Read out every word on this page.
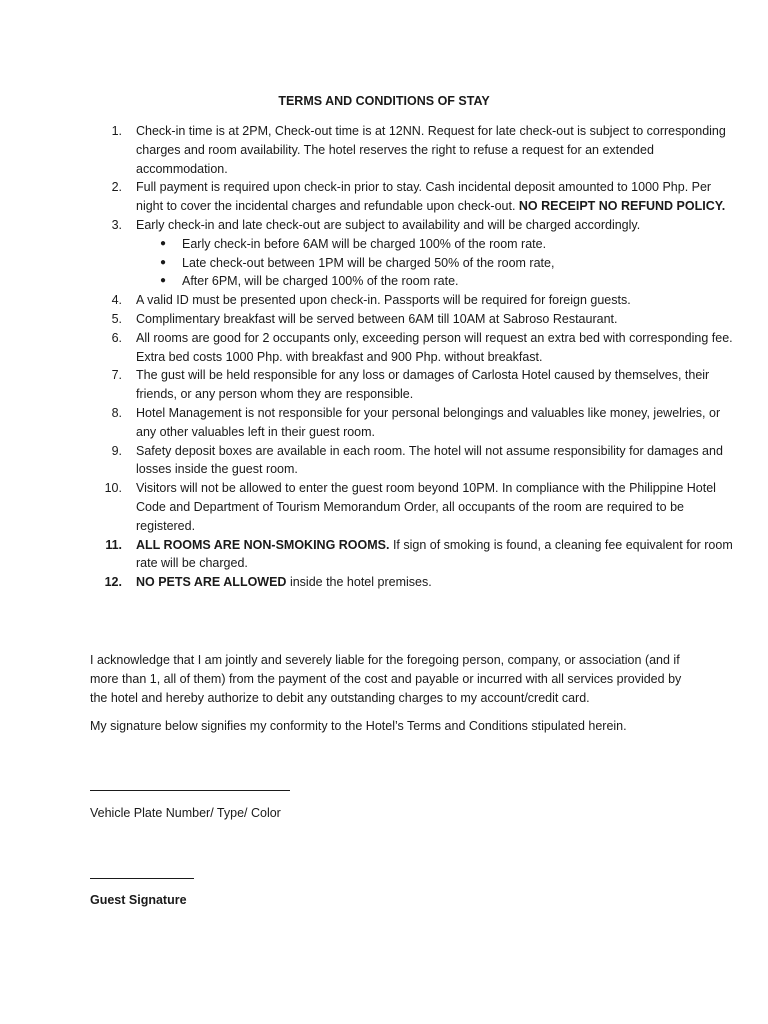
TERMS AND CONDITIONS OF STAY
1. Check-in time is at 2PM, Check-out time is at 12NN. Request for late check-out is subject to corresponding charges and room availability. The hotel reserves the right to refuse a request for an extended accommodation.
2. Full payment is required upon check-in prior to stay. Cash incidental deposit amounted to 1000 Php. Per night to cover the incidental charges and refundable upon check-out. NO RECEIPT NO REFUND POLICY.
3. Early check-in and late check-out are subject to availability and will be charged accordingly.
● Early check-in before 6AM will be charged 100% of the room rate.
● Late check-out between 1PM will be charged 50% of the room rate,
● After 6PM, will be charged 100% of the room rate.
4. A valid ID must be presented upon check-in. Passports will be required for foreign guests.
5. Complimentary breakfast will be served between 6AM till 10AM at Sabroso Restaurant.
6. All rooms are good for 2 occupants only, exceeding person will request an extra bed with corresponding fee. Extra bed costs 1000 Php. with breakfast and 900 Php. without breakfast.
7. The gust will be held responsible for any loss or damages of Carlosta Hotel caused by themselves, their friends, or any person whom they are responsible.
8. Hotel Management is not responsible for your personal belongings and valuables like money, jewelries, or any other valuables left in their guest room.
9. Safety deposit boxes are available in each room. The hotel will not assume responsibility for damages and losses inside the guest room.
10. Visitors will not be allowed to enter the guest room beyond 10PM. In compliance with the Philippine Hotel Code and Department of Tourism Memorandum Order, all occupants of the room are required to be registered.
11. ALL ROOMS ARE NON-SMOKING ROOMS. If sign of smoking is found, a cleaning fee equivalent for room rate will be charged.
12. NO PETS ARE ALLOWED inside the hotel premises.

I acknowledge that I am jointly and severely liable for the foregoing person, company, or association (and if more than 1, all of them) from the payment of the cost and payable or incurred with all services provided by the hotel and hereby authorize to debit any outstanding charges to my account/credit card.

My signature below signifies my conformity to the Hotel’s Terms and Conditions stipulated herein.

Vehicle Plate Number/ Type/ Color
Guest Signature
